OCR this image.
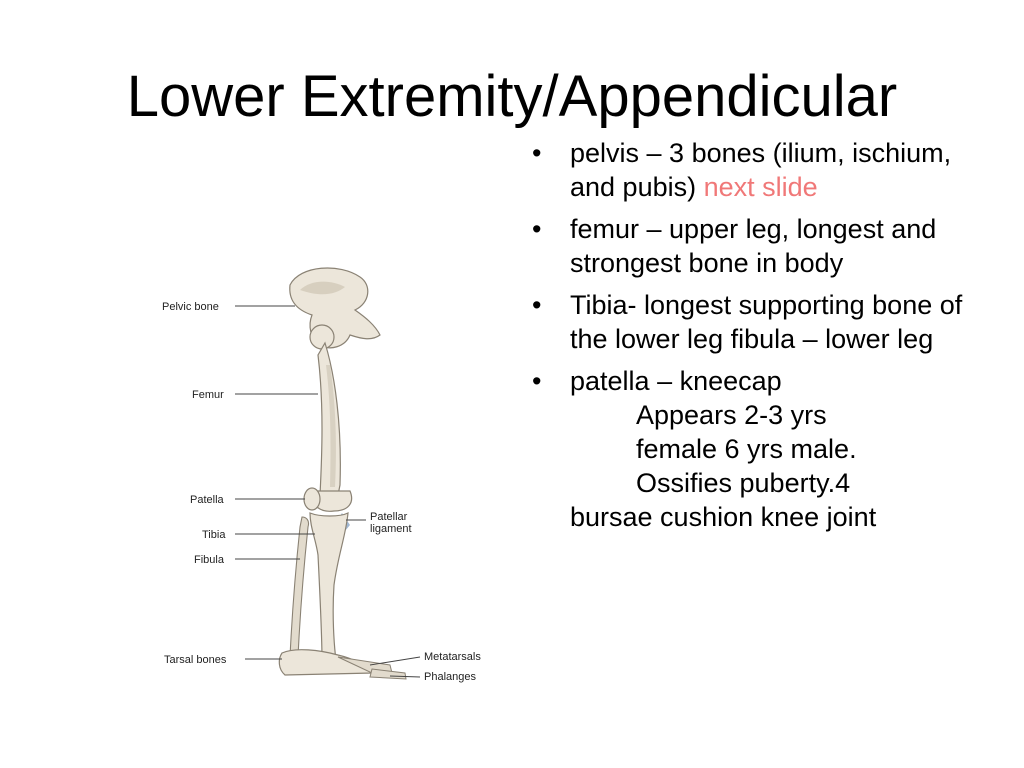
Lower Extremity/Appendicular
Pelvic bone
Femur
Patella
Tibia
Fibula
Tarsal bones
Patellar
ligament
Metatarsals
Phalanges
• pelvis – 3 bones (ilium, ischium, and pubis) next slide
• femur – upper leg, longest and strongest bone in body
• Tibia- longest supporting bone of the lower leg fibula – lower leg
• patella – kneecap
Appears 2-3 yrs
female 6 yrs male.
Ossifies puberty.4
bursae cushion knee joint
